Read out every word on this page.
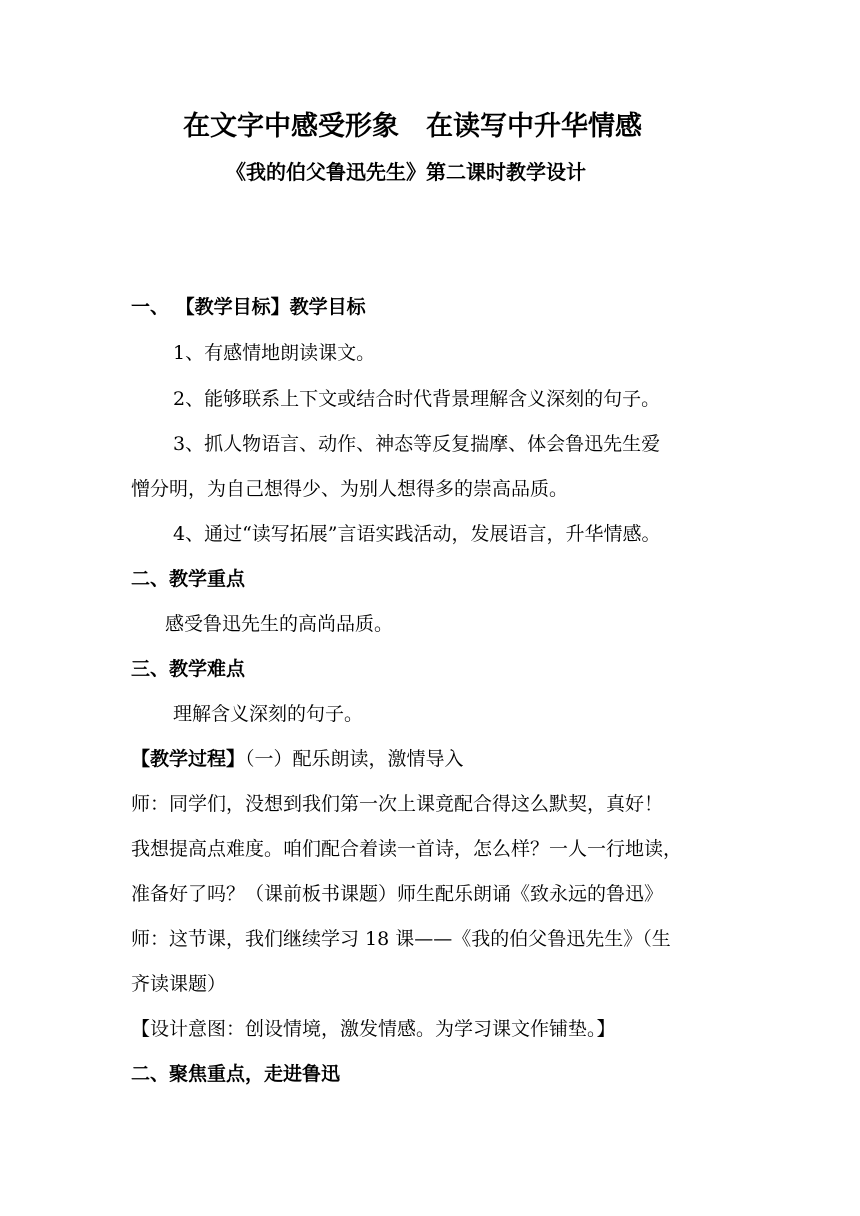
在文字中感受形象　在读写中升华情感
《我的伯父鲁迅先生》第二课时教学设计
一、 【教学目标】教学目标
1、有感情地朗读课文。
2、能够联系上下文或结合时代背景理解含义深刻的句子。
3、抓人物语言、动作、神态等反复揣摩、体会鲁迅先生爱
憎分明，为自己想得少、为别人想得多的崇高品质。
4、通过“读写拓展”言语实践活动，发展语言，升华情感。
二、教学重点
感受鲁迅先生的高尚品质。
三、教学难点
理解含义深刻的句子。
【教学过程】（一）配乐朗读，激情导入
师：同学们，没想到我们第一次上课竟配合得这么默契，真好！
我想提高点难度。咱们配合着读一首诗，怎么样？一人一行地读，
准备好了吗？（课前板书课题）师生配乐朗诵《致永远的鲁迅》
师：这节课，我们继续学习 18 课——《我的伯父鲁迅先生》（生
齐读课题）
【设计意图：创设情境，激发情感。为学习课文作铺垫。】
二、聚焦重点，走进鲁迅
